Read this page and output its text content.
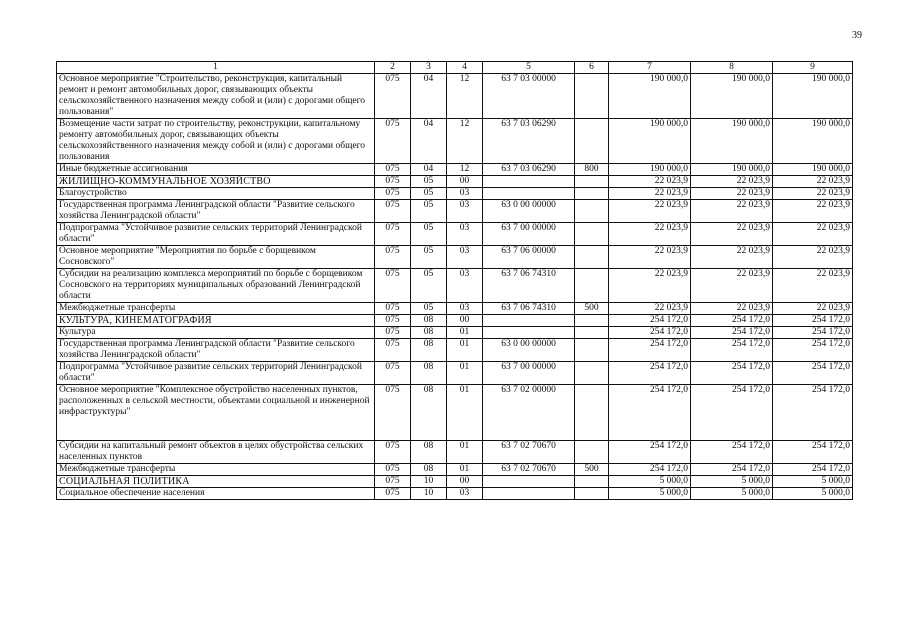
39
1	2	3	4	5	6	7	8	9
Основное мероприятие "Строительство, реконструкция, капитальный ремонт и ремонт автомобильных дорог, связывающих объекты сельскохозяйственного назначения между собой и (или) с дорогами общего пользования"	075	04	12	63 7 03 00000		190 000,0	190 000,0	190 000,0
Возмещение части затрат по строительству, реконструкции, капитальному ремонту автомобильных дорог, связывающих объекты сельскохозяйственного назначения между собой и (или) с дорогами общего пользования	075	04	12	63 7 03 06290		190 000,0	190 000,0	190 000,0
Иные бюджетные ассигнования	075	04	12	63 7 03 06290	800	190 000,0	190 000,0	190 000,0
ЖИЛИЩНО-КОММУНАЛЬНОЕ ХОЗЯЙСТВО	075	05	00			22 023,9	22 023,9	22 023,9
Благоустройство	075	05	03			22 023,9	22 023,9	22 023,9
Государственная программа Ленинградской области "Развитие сельского хозяйства Ленинградской области"	075	05	03	63 0 00 00000		22 023,9	22 023,9	22 023,9
Подпрограмма "Устойчивое развитие сельских территорий Ленинградской области"	075	05	03	63 7 00 00000		22 023,9	22 023,9	22 023,9
Основное мероприятие "Мероприятия по борьбе с борщевиком Сосновского"	075	05	03	63 7 06 00000		22 023,9	22 023,9	22 023,9
Субсидии на реализацию комплекса мероприятий по борьбе с борщевиком Сосновского на территориях муниципальных образований Ленинградской области	075	05	03	63 7 06 74310		22 023,9	22 023,9	22 023,9
Межбюджетные трансферты	075	05	03	63 7 06 74310	500	22 023,9	22 023,9	22 023,9
КУЛЬТУРА, КИНЕМАТОГРАФИЯ	075	08	00			254 172,0	254 172,0	254 172,0
Культура	075	08	01			254 172,0	254 172,0	254 172,0
Государственная программа Ленинградской области "Развитие сельского хозяйства Ленинградской области"	075	08	01	63 0 00 00000		254 172,0	254 172,0	254 172,0
Подпрограмма "Устойчивое развитие сельских территорий Ленинградской области"	075	08	01	63 7 00 00000		254 172,0	254 172,0	254 172,0
Основное мероприятие "Комплексное обустройство населенных пунктов, расположенных в сельской местности, объектами социальной и инженерной инфраструктуры"	075	08	01	63 7 02 00000		254 172,0	254 172,0	254 172,0
Субсидии на капитальный ремонт объектов в целях обустройства сельских населенных пунктов	075	08	01	63 7 02 70670		254 172,0	254 172,0	254 172,0
Межбюджетные трансферты	075	08	01	63 7 02 70670	500	254 172,0	254 172,0	254 172,0
СОЦИАЛЬНАЯ ПОЛИТИКА	075	10	00			5 000,0	5 000,0	5 000,0
Социальное обеспечение населения	075	10	03			5 000,0	5 000,0	5 000,0
